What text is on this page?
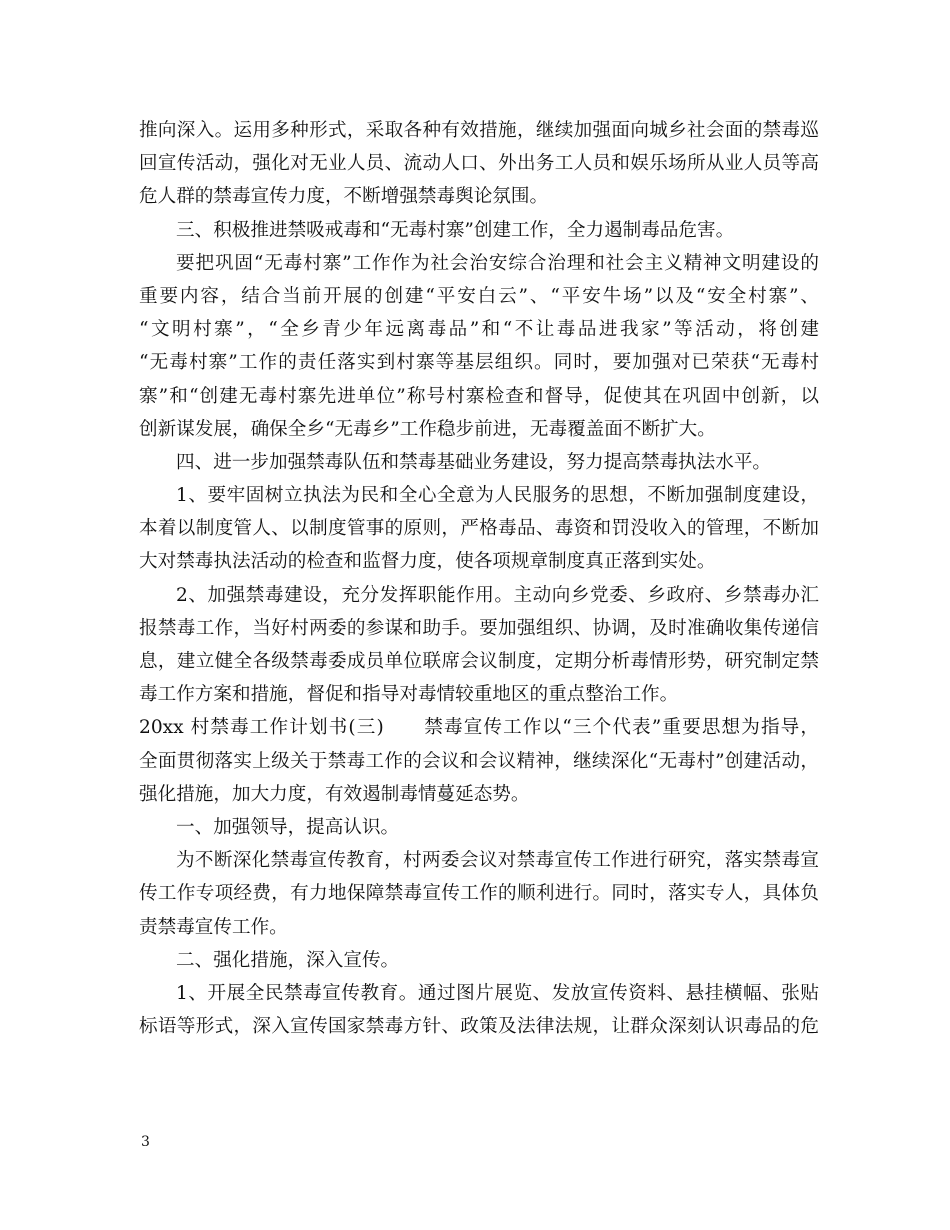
推向深入。运用多种形式，采取各种有效措施，继续加强面向城乡社会面的禁毒巡
回宣传活动，强化对无业人员、流动人口、外出务工人员和娱乐场所从业人员等高
危人群的禁毒宣传力度，不断增强禁毒舆论氛围。
三、积极推进禁吸戒毒和“无毒村寨”创建工作，全力遏制毒品危害。
要把巩固“无毒村寨”工作作为社会治安综合治理和社会主义精神文明建设的
重要内容，结合当前开展的创建“平安白云”、“平安牛场”以及“安全村寨”、
“文明村寨”，“全乡青少年远离毒品”和“不让毒品进我家”等活动，将创建
“无毒村寨”工作的责任落实到村寨等基层组织。同时，要加强对已荣获“无毒村
寨”和“创建无毒村寨先进单位”称号村寨检查和督导，促使其在巩固中创新，以
创新谋发展，确保全乡“无毒乡”工作稳步前进，无毒覆盖面不断扩大。
四、进一步加强禁毒队伍和禁毒基础业务建设，努力提高禁毒执法水平。
1、要牢固树立执法为民和全心全意为人民服务的思想，不断加强制度建设，
本着以制度管人、以制度管事的原则，严格毒品、毒资和罚没收入的管理，不断加
大对禁毒执法活动的检查和监督力度，使各项规章制度真正落到实处。
2、加强禁毒建设，充分发挥职能作用。主动向乡党委、乡政府、乡禁毒办汇
报禁毒工作，当好村两委的参谋和助手。要加强组织、协调，及时准确收集传递信
息，建立健全各级禁毒委成员单位联席会议制度，定期分析毒情形势，研究制定禁
毒工作方案和措施，督促和指导对毒情较重地区的重点整治工作。
20xx 村禁毒工作计划书(三)　　禁毒宣传工作以“三个代表”重要思想为指导，
全面贯彻落实上级关于禁毒工作的会议和会议精神，继续深化“无毒村”创建活动，
强化措施，加大力度，有效遏制毒情蔓延态势。
一、加强领导，提高认识。
为不断深化禁毒宣传教育，村两委会议对禁毒宣传工作进行研究，落实禁毒宣
传工作专项经费，有力地保障禁毒宣传工作的顺利进行。同时，落实专人，具体负
责禁毒宣传工作。
二、强化措施，深入宣传。
1、开展全民禁毒宣传教育。通过图片展览、发放宣传资料、悬挂横幅、张贴
标语等形式，深入宣传国家禁毒方针、政策及法律法规，让群众深刻认识毒品的危
3
